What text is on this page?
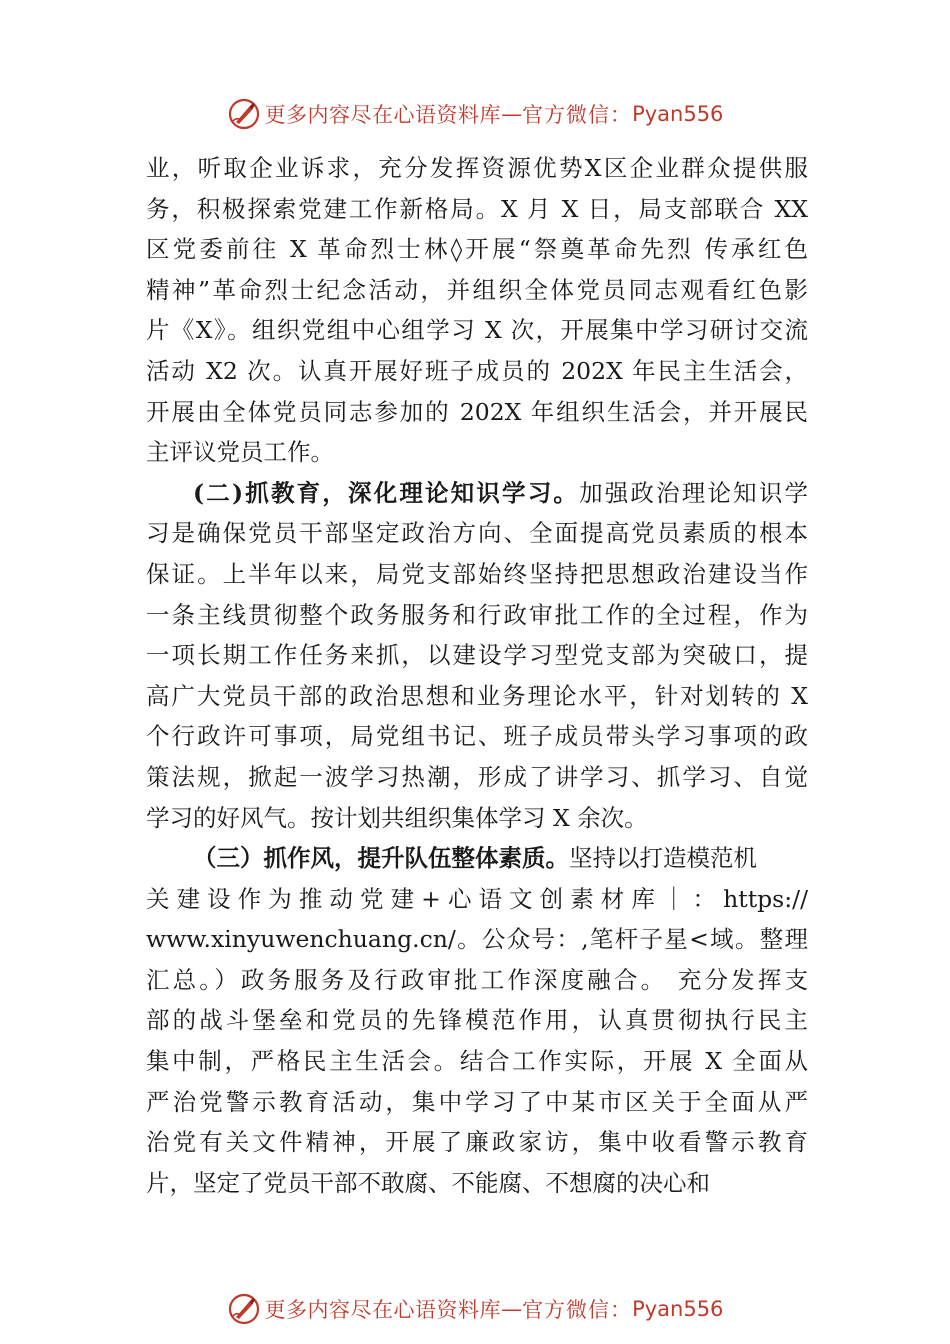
更多内容尽在心语资料库 — 官方微信： Pyan556
业，听取企业诉求，充分发挥资源优势X区企业群众提供服
务，积极探索党建工作新格局。X 月 X 日，局支部联合 XX
区党委前往 X 革命烈士林◊开展“祭奠革命先烈 传承红色
精神”革命烈士纪念活动，并组织全体党员同志观看红色影
片《X》。组织党组中心组学习 X 次，开展集中学习研讨交流
活动 X2 次。认真开展好班子成员的 202X 年民主生活会，
开展由全体党员同志参加的 202X 年组织生活会，并开展民
主评议党员工作。
(二)抓教育，深化理论知识学习。加强政治理论知识学
习是确保党员干部坚定政治方向、全面提高党员素质的根本
保证。上半年以来，局党支部始终坚持把思想政治建设当作
一条主线贯彻整个政务服务和行政审批工作的全过程，作为
一项长期工作任务来抓，以建设学习型党支部为突破口，提
高广大党员干部的政治思想和业务理论水平，针对划转的 X
个行政许可事项，局党组书记、班子成员带头学习事项的政
策法规，掀起一波学习热潮，形成了讲学习、抓学习、自觉
学习的好风气。按计划共组织集体学习 X 余次。
（三）抓作风，提升队伍整体素质。坚持以打造模范机
关建设作为推动党建+心语文创素材库｜：https://
www.xinyuwenchuang.cn/。公众号：,笔杆子星<域。整理
汇总。）政务服务及行政审批工作深度融合。 充分发挥支
部的战斗堡垒和党员的先锋模范作用，认真贯彻执行民主
集中制，严格民主生活会。结合工作实际，开展 X 全面从
严治党警示教育活动，集中学习了中某市区关于全面从严
治党有关文件精神，开展了廉政家访，集中收看警示教育
片，坚定了党员干部不敢腐、不能腐、不想腐的决心和
更多内容尽在心语资料库 — 官方微信： Pyan556
